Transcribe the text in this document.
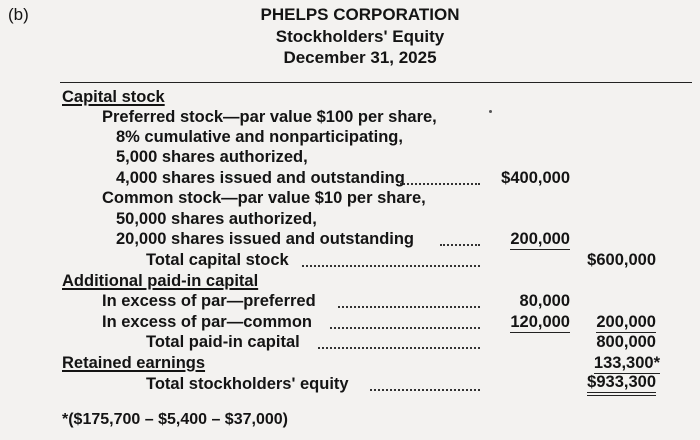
(b)	PHELPS CORPORATION
Stockholders' Equity
December 31, 2025
Capital stock
Preferred stock—par value $100 per share,
8% cumulative and nonparticipating,
5,000 shares authorized,
4,000 shares issued and outstanding	$400,000
Common stock—par value $10 per share,
50,000 shares authorized,
20,000 shares issued and outstanding	200,000
Total capital stock	$600,000
Additional paid-in capital
In excess of par—preferred	80,000
In excess of par—common	120,000 200,000
Total paid-in capital	800,000
Retained earnings	133,300*
Total stockholders' equity	$933,300
*($175,700 – $5,400 – $37,000)
